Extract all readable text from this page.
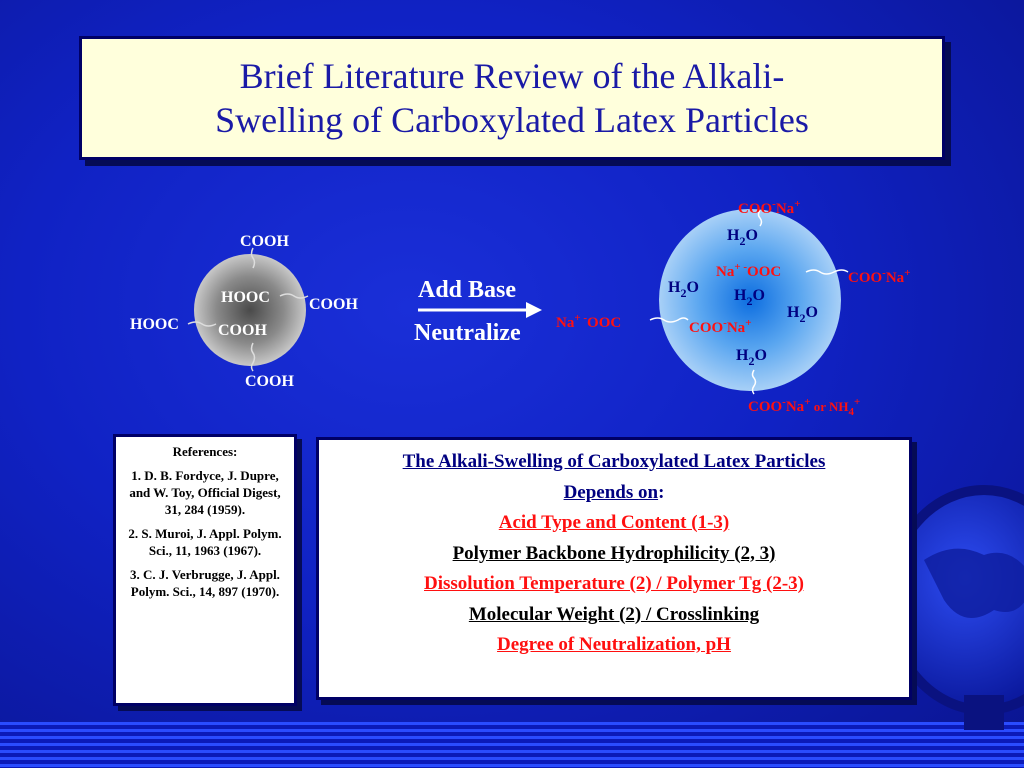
Brief Literature Review of the Alkali-
Swelling of Carboxylated Latex Particles
COOH
HOOC COOH
HOOC COOH
COOH
Add Base
Neutralize
COO-Na+
Na+ -OOC	COO-Na+
Na+ -OOC	COO-Na+
COO-Na+ or $NH_4^+$
$H_2O$
$H_2O$ $H_2O$
$H_2O$
$H_2O$

References:

1. D. B. Fordyce, J. Dupre, and W. Toy, Official Digest, 31, 284 (1959).

2. S. Muroi, J. Appl. Polym. Sci., 11, 1963 (1967).

3. C. J. Verbrugge, J. Appl. Polym. Sci., 14, 897 (1970).

The Alkali-Swelling of Carboxylated Latex Particles
Depends on:
Acid Type and Content (1-3)
Polymer Backbone Hydrophilicity (2, 3)
Dissolution Temperature (2) / Polymer Tg (2-3)
Molecular Weight (2) / Crosslinking
Degree of Neutralization, pH
Etc.
